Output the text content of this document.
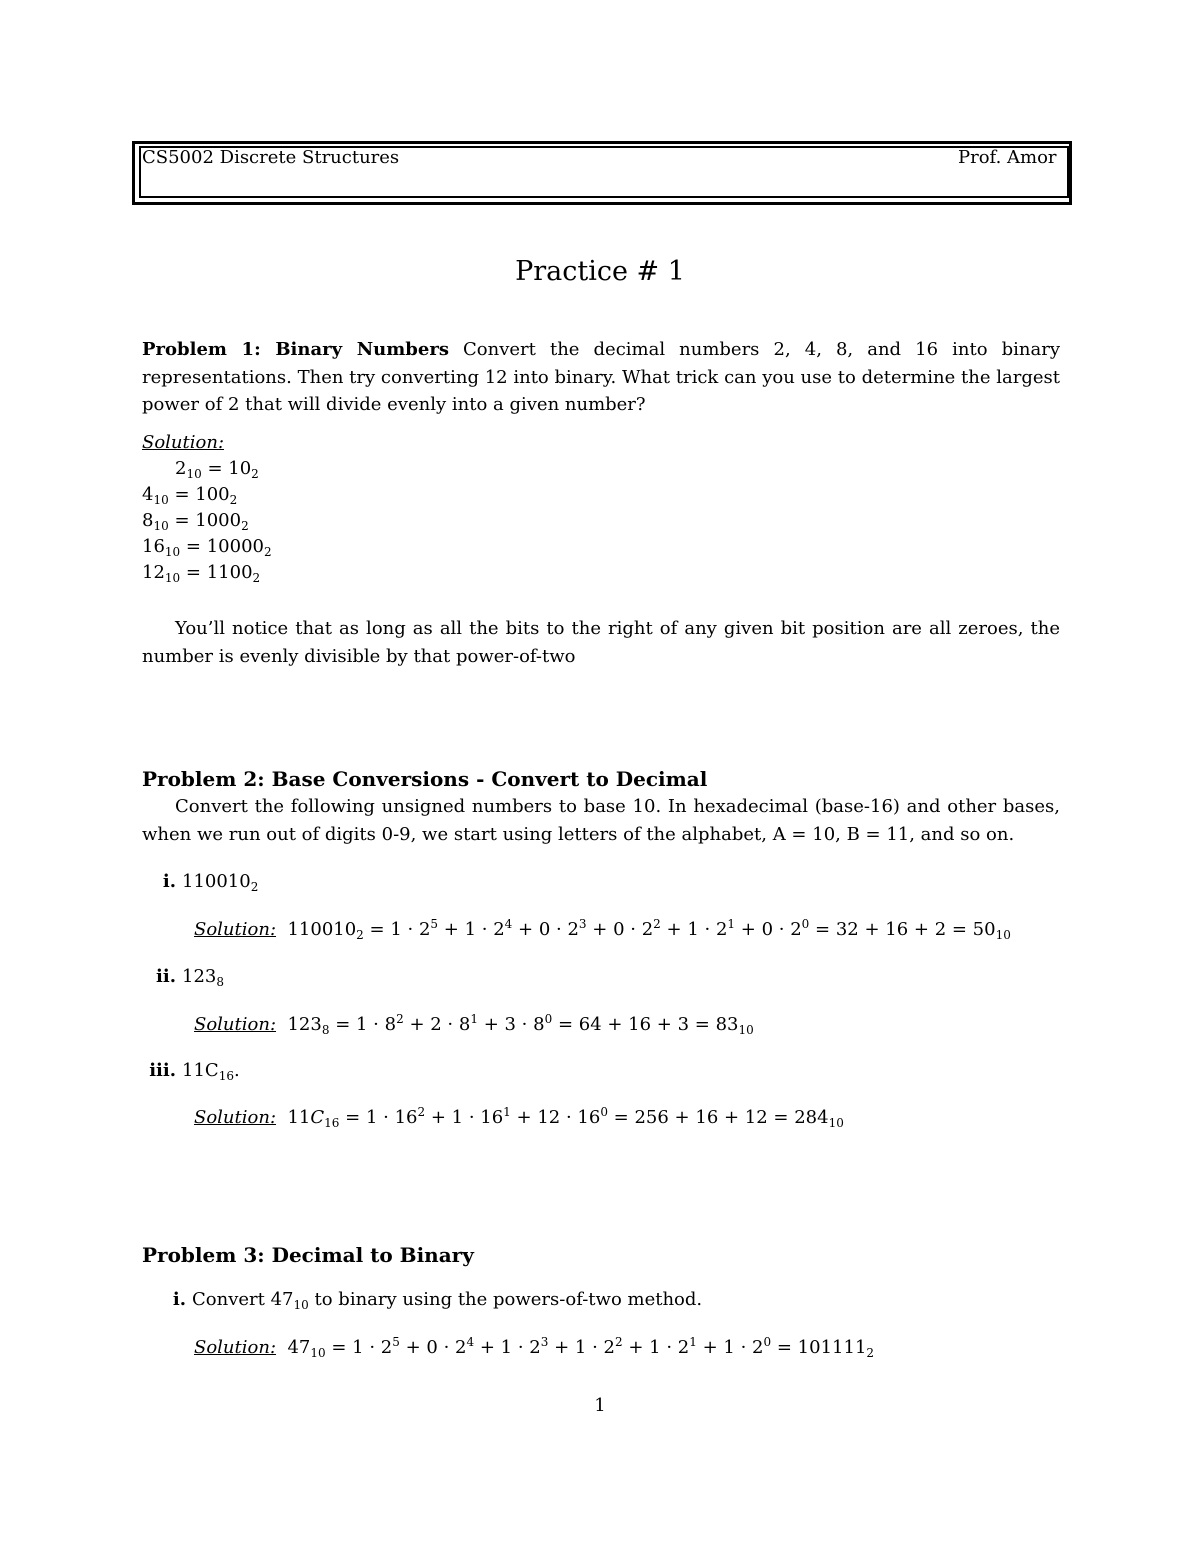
CS5002 Discrete Structures	Prof. Amor
Practice # 1
Problem 1: Binary Numbers Convert the decimal numbers 2, 4, 8, and 16 into binary representations. Then try converting 12 into binary. What trick can you use to determine the largest power of 2 that will divide evenly into a given number?
Solution:
$2_{10} = 10_2$
$4_{10} = 100_2$
$8_{10} = 1000_2$
$16_{10} = 10000_2$
$12_{10} = 1100_2$
You’ll notice that as long as all the bits to the right of any given bit position are all zeroes, the number is evenly divisible by that power-of-two
Problem 2: Base Conversions - Convert to Decimal
Convert the following unsigned numbers to base 10. In hexadecimal (base-16) and other bases, when we run out of digits 0-9, we start using letters of the alphabet, A = 10, B = 11, and so on.
i. $110010_2$
Solution:  $110010_2 = 1 \cdot 2^5 + 1 \cdot 2^4 + 0 \cdot 2^3 + 0 \cdot 2^2 + 1 \cdot 2^1 + 0 \cdot 2^0 = 32 + 16 + 2 = 50_{10}$
ii. $123_8$
Solution:  $123_8 = 1 \cdot 8^2 + 2 \cdot 8^1 + 3 \cdot 8^0 = 64 + 16 + 3 = 83_{10}$
iii. $11C_{16}$.
Solution:  $11C_{16} = 1 \cdot 16^2 + 1 \cdot 16^1 + 12 \cdot 16^0 = 256 + 16 + 12 = 284_{10}$
Problem 3: Decimal to Binary
i. Convert $47_{10}$ to binary using the powers-of-two method.
Solution:  $47_{10} = 1 \cdot 2^5 + 0 \cdot 2^4 + 1 \cdot 2^3 + 1 \cdot 2^2 + 1 \cdot 2^1 + 1 \cdot 2^0 = 101111_2$
1
